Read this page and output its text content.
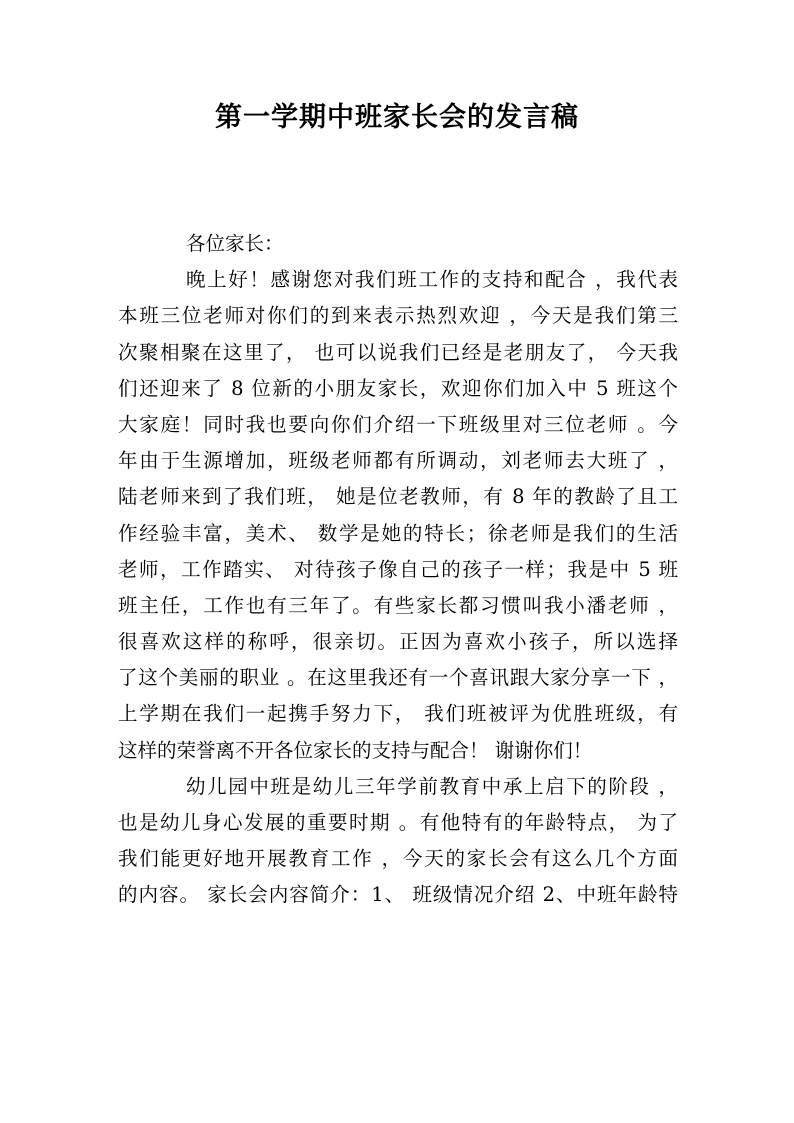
第一学期中班家长会的发言稿
各位家长：
晚上好！感谢您对我们班工作的支持和配合 ，我代表
本班三位老师对你们的到来表示热烈欢迎 ，今天是我们第三
次聚相聚在这里了， 也可以说我们已经是老朋友了， 今天我
们还迎来了 8 位新的小朋友家长，欢迎你们加入中 5 班这个
大家庭！同时我也要向你们介绍一下班级里对三位老师 。今
年由于生源增加，班级老师都有所调动，刘老师去大班了 ，
陆老师来到了我们班， 她是位老教师，有 8 年的教龄了且工
作经验丰富，美术、 数学是她的特长；徐老师是我们的生活
老师，工作踏实、 对待孩子像自己的孩子一样；我是中 5 班
班主任，工作也有三年了。有些家长都习惯叫我小潘老师 ，
很喜欢这样的称呼，很亲切。正因为喜欢小孩子，所以选择
了这个美丽的职业 。在这里我还有一个喜讯跟大家分享一下 ，
上学期在我们一起携手努力下， 我们班被评为优胜班级，有
这样的荣誉离不开各位家长的支持与配合！ 谢谢你们！
幼儿园中班是幼儿三年学前教育中承上启下的阶段 ，
也是幼儿身心发展的重要时期 。有他特有的年龄特点， 为了
我们能更好地开展教育工作 ，今天的家长会有这么几个方面
的内容。 家长会内容简介：1、 班级情况介绍 2、中班年龄特
